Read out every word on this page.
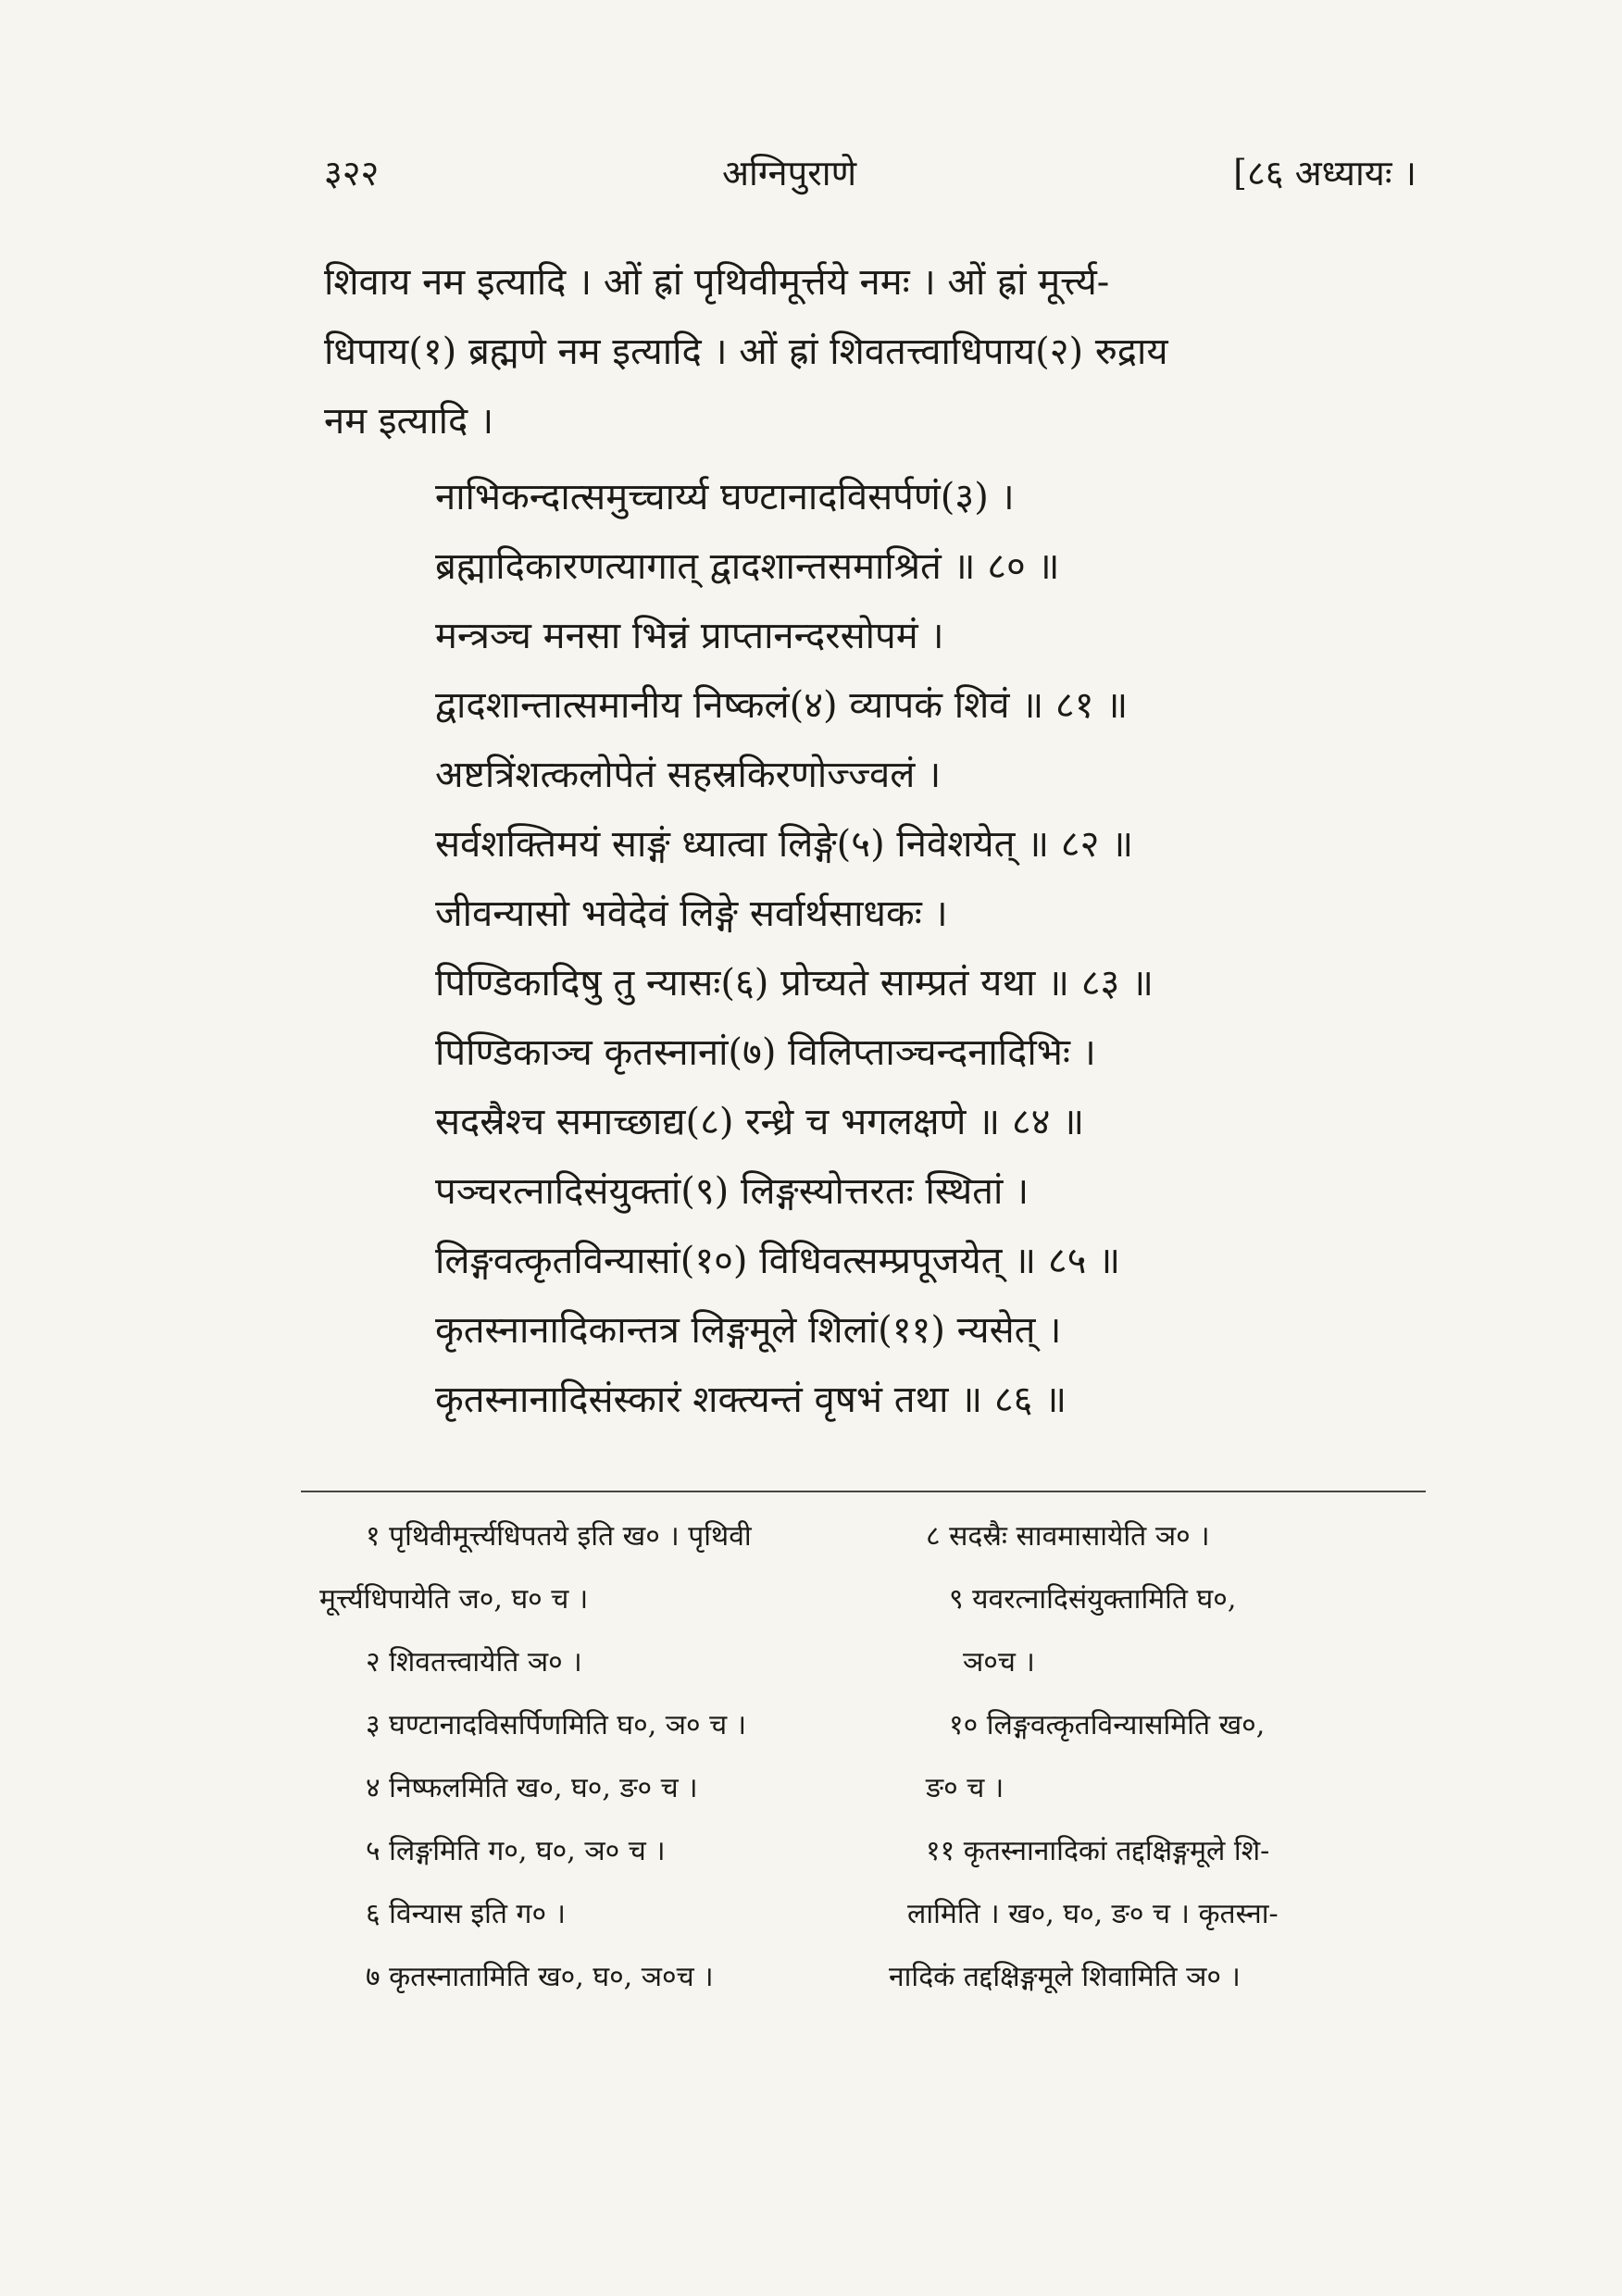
३२२	अग्निपुराणे	[८६ अध्यायः ।
शिवाय नम इत्यादि । ओं ह्रां पृथिवीमूर्त्तये नमः । ओं ह्रां मूर्त्त्य-
धिपाय(१) ब्रह्मणे नम इत्यादि । ओं ह्रां शिवतत्त्वाधिपाय(२) रुद्राय
नम इत्यादि ।
नाभिकन्दात्समुच्चार्य्य घण्टानादविसर्पणं(३) ।
ब्रह्मादिकारणत्यागात् द्वादशान्तसमाश्रितं ॥ ८० ॥
मन्त्रञ्च मनसा भिन्नं प्राप्तानन्दरसोपमं ।
द्वादशान्तात्समानीय निष्कलं(४) व्यापकं शिवं ॥ ८१ ॥
अष्टत्रिंशत्कलोपेतं सहस्रकिरणोज्ज्वलं ।
सर्वशक्तिमयं साङ्गं ध्यात्वा लिङ्गे(५) निवेशयेत् ॥ ८२ ॥
जीवन्यासो भवेदेवं लिङ्गे सर्वार्थसाधकः ।
पिण्डिकादिषु तु न्यासः(६) प्रोच्यते साम्प्रतं यथा ॥ ८३ ॥
पिण्डिकाञ्च कृतस्नानां(७) विलिप्ताञ्चन्दनादिभिः ।
सदस्रैश्च समाच्छाद्य(८) रन्ध्रे च भगलक्षणे ॥ ८४ ॥
पञ्चरत्नादिसंयुक्तां(९) लिङ्गस्योत्तरतः स्थितां ।
लिङ्गवत्कृतविन्यासां(१०) विधिवत्सम्प्रपूजयेत् ॥ ८५ ॥
कृतस्नानादिकान्तत्र लिङ्गमूले शिलां(११) न्यसेत् ।
कृतस्नानादिसंस्कारं शक्त्यन्तं वृषभं तथा ॥ ८६ ॥
१ पृथिवीमूर्त्त्यधिपतये इति ख० । पृथिवी
मूर्त्त्यधिपायेति ज०, घ० च ।
२ शिवतत्त्वायेति ञ० ।
३ घण्टानादविसर्पिणमिति घ०, ञ० च ।
४ निष्फलमिति ख०, घ०, ङ० च ।
५ लिङ्गमिति ग०, घ०, ञ० च ।
६ विन्यास इति ग० ।
७ कृतस्नातामिति ख०, घ०, ञ०च ।
८ सदस्रैः सावमासायेति ञ० ।
९ यवरत्नादिसंयुक्तामिति घ०,
ञ०च ।
१० लिङ्गवत्कृतविन्यासमिति ख०,
ङ० च ।
११ कृतस्नानादिकां तद्दक्षिङ्गमूले शि-
लामिति । ख०, घ०, ङ० च । कृतस्ना-
नादिकं तद्दक्षिङ्गमूले शिवामिति ञ० ।
